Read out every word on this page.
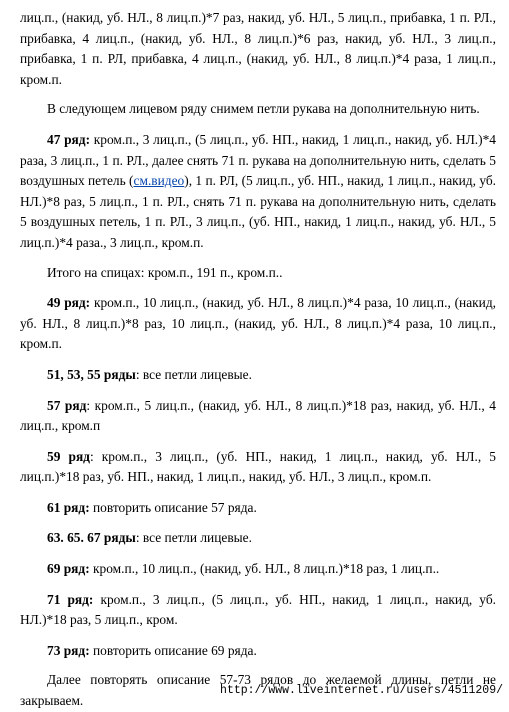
лиц.п., (накид, уб. НЛ., 8 лиц.п.)*7 раз, накид, уб. НЛ., 5 лиц.п., прибавка, 1 п. РЛ., прибавка, 4 лиц.п., (накид, уб. НЛ., 8 лиц.п.)*6 раз, накид, уб. НЛ., 3 лиц.п., прибавка, 1 п. РЛ, прибавка, 4 лиц.п., (накид, уб. НЛ., 8 лиц.п.)*4 раза, 1 лиц.п., кром.п.

В следующем лицевом ряду снимем петли рукава на дополнительную нить.

47 ряд: кром.п., 3 лиц.п., (5 лиц.п., уб. НП., накид, 1 лиц.п., накид, уб. НЛ.)*4 раза, 3 лиц.п., 1 п. РЛ., далее снять 71 п. рукава на дополнительную нить, сделать 5 воздушных петель (см.видео), 1 п. РЛ, (5 лиц.п., уб. НП., накид, 1 лиц.п., накид, уб. НЛ.)*8 раз, 5 лиц.п., 1 п. РЛ., снять 71 п. рукава на дополнительную нить, сделать 5 воздушных петель, 1 п. РЛ., 3 лиц.п., (уб. НП., накид, 1 лиц.п., накид, уб. НЛ., 5 лиц.п.)*4 раза., 3 лиц.п., кром.п.

Итого на спицах: кром.п., 191 п., кром.п..

49 ряд: кром.п., 10 лиц.п., (накид, уб. НЛ., 8 лиц.п.)*4 раза, 10 лиц.п., (накид, уб. НЛ., 8 лиц.п.)*8 раз, 10 лиц.п., (накид, уб. НЛ., 8 лиц.п.)*4 раза, 10 лиц.п., кром.п.

51, 53, 55 ряды: все петли лицевые.

57 ряд: кром.п., 5 лиц.п., (накид, уб. НЛ., 8 лиц.п.)*18 раз, накид, уб. НЛ., 4 лиц.п., кром.п

59 ряд: кром.п., 3 лиц.п., (уб. НП., накид, 1 лиц.п., накид, уб. НЛ., 5 лиц.п.)*18 раз, уб. НП., накид, 1 лиц.п., накид, уб. НЛ., 3 лиц.п., кром.п.

61 ряд: повторить описание 57 ряда.

63. 65. 67 ряды: все петли лицевые.

69 ряд: кром.п., 10 лиц.п., (накид, уб. НЛ., 8 лиц.п.)*18 раз, 1 лиц.п..

71 ряд: кром.п., 3 лиц.п., (5 лиц.п., уб. НП., накид, 1 лиц.п., накид, уб. НЛ.)*18 раз, 5 лиц.п., кром.

73 ряд: повторить описание 69 ряда.

Далее повторять описание 57-73 рядов до желаемой длины, петли не закрываем.

http://www.liveinternet.ru/users/4511209/
